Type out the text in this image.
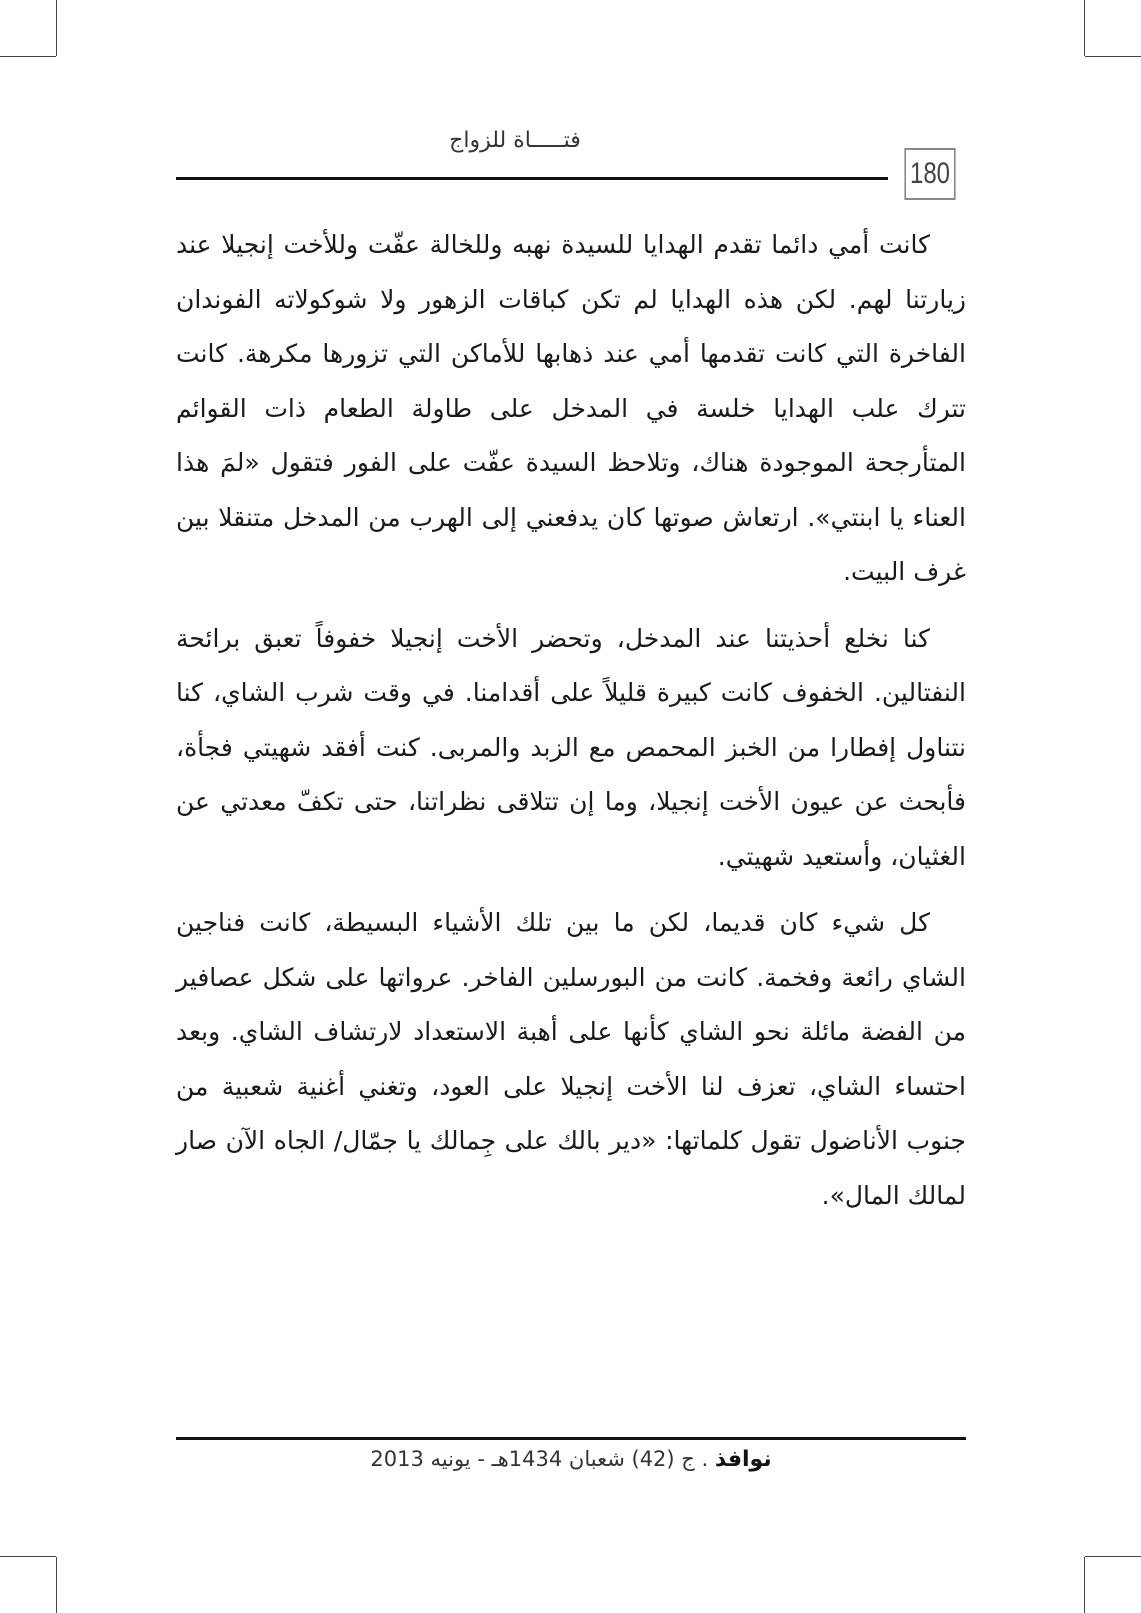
فتـــــاة للزواج
180

كانت أمي دائما تقدم الهدايا للسيدة نهبه وللخالة عفّت وللأخت إنجيلا عند زيارتنا لهم. لكن هذه الهدايا لم تكن كباقات الزهور ولا شوكولاته الفوندان الفاخرة التي كانت تقدمها أمي عند ذهابها للأماكن التي تزورها مكرهة. كانت تترك علب الهدايا خلسة في المدخل على طاولة الطعام ذات القوائم المتأرجحة الموجودة هناك، وتلاحظ السيدة عفّت على الفور فتقول «لمَ هذا العناء يا ابنتي». ارتعاش صوتها كان يدفعني إلى الهرب من المدخل متنقلا بين غرف البيت.

كنا نخلع أحذيتنا عند المدخل، وتحضر الأخت إنجيلا خفوفاً تعبق برائحة النفتالين. الخفوف كانت كبيرة قليلاً على أقدامنا. في وقت شرب الشاي، كنا نتناول إفطارا من الخبز المحمص مع الزبد والمربى. كنت أفقد شهيتي فجأة، فأبحث عن عيون الأخت إنجيلا، وما إن تتلاقى نظراتنا، حتى تكفّ معدتي عن الغثيان، وأستعيد شهيتي.

كل شيء كان قديما، لكن ما بين تلك الأشياء البسيطة، كانت فناجين الشاي رائعة وفخمة. كانت من البورسلين الفاخر. عرواتها على شكل عصافير من الفضة مائلة نحو الشاي كأنها على أهبة الاستعداد لارتشاف الشاي. وبعد احتساء الشاي، تعزف لنا الأخت إنجيلا على العود، وتغني أغنية شعبية من جنوب الأناضول تقول كلماتها: «دير بالك على جِمالك يا جمّال/ الجاه الآن صار لمالك المال».

نوافذ . ج (42) شعبان 1434هـ - يونيه 2013
